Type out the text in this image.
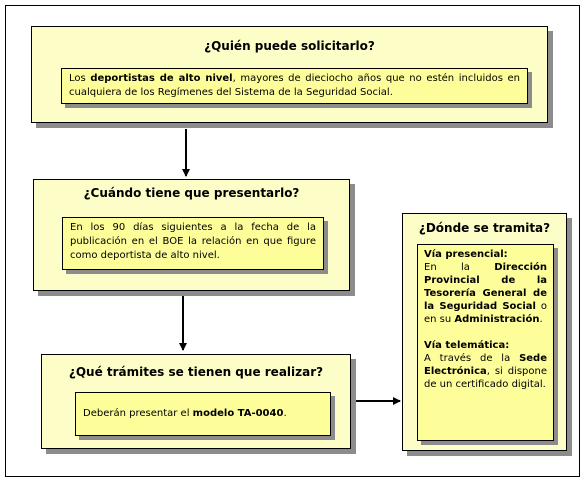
¿Quién puede solicitarlo?
Los deportistas de alto nivel, mayores de dieciocho años que no estén incluidos en cualquiera de los Regímenes del Sistema de la Seguridad Social.
¿Cuándo tiene que presentarlo?
En los 90 días siguientes a la fecha de la publicación en el BOE la relación en que figure como deportista de alto nivel.
¿Qué trámites se tienen que realizar?
Deberán presentar el modelo TA-0040.
¿Dónde se tramita?

Vía presencial:

En la Dirección Provincial de la Tesorería General de la Seguridad Social o en su Administración.

Vía telemática:

A través de la Sede Electrónica, si dispone de un certificado digital.
